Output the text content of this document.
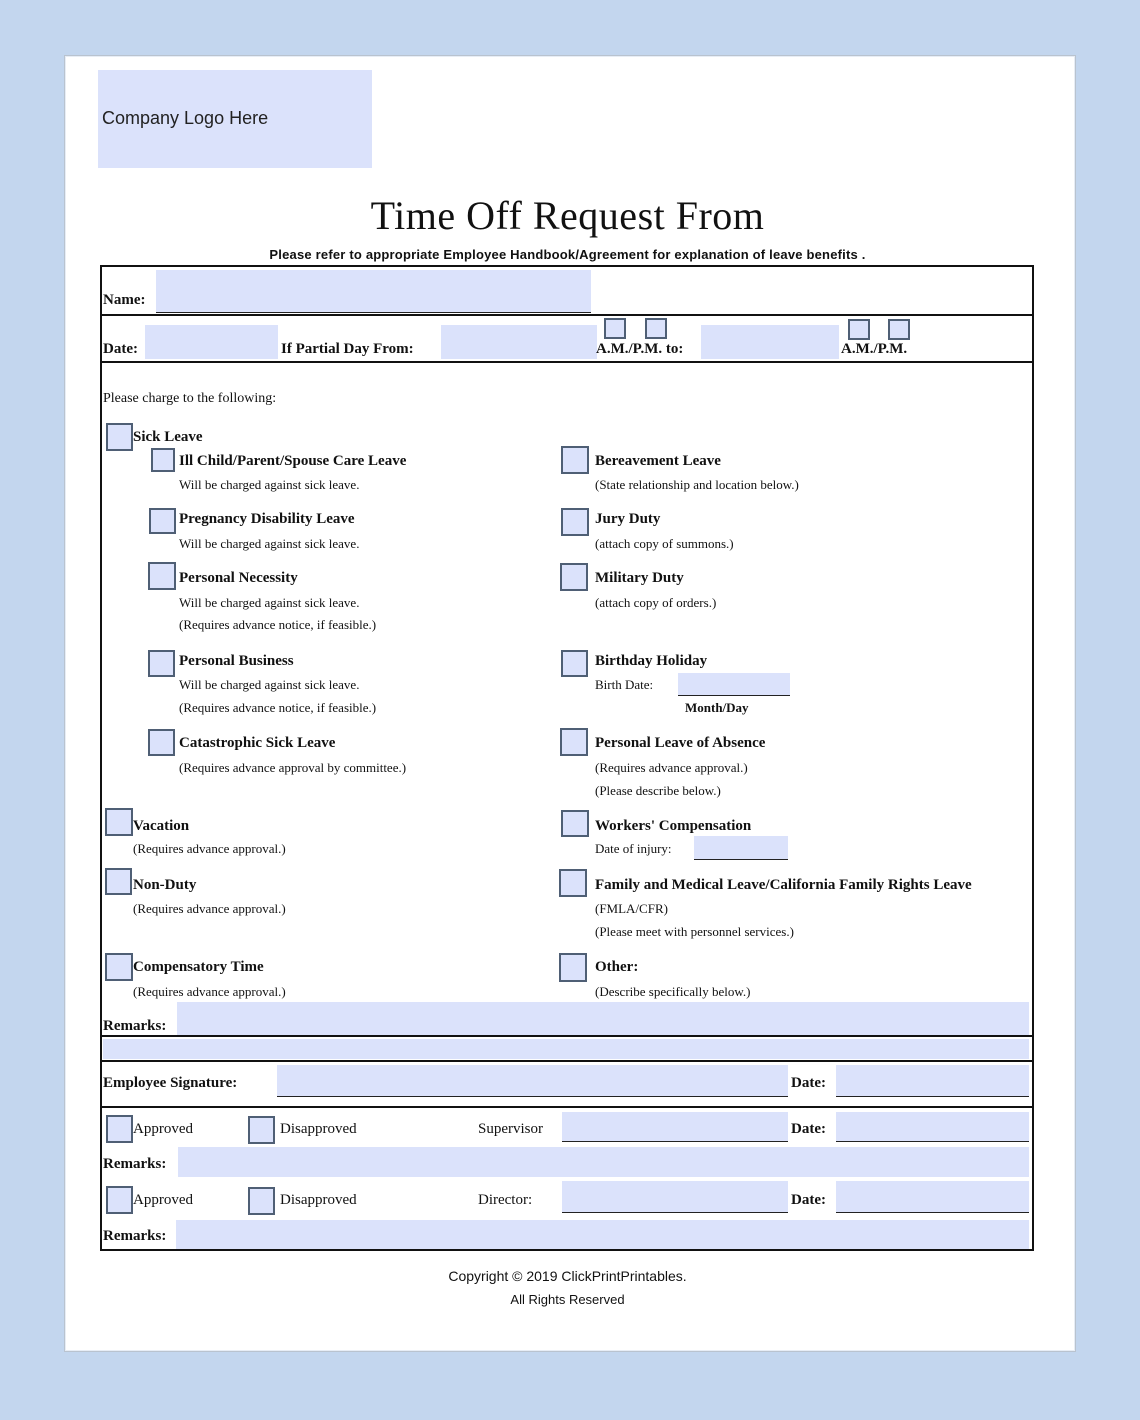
Company Logo Here
Time Off Request From
Please refer to appropriate Employee Handbook/Agreement for explanation of leave benefits .
Name:
Date:	If Partial Day From:	A.M./P.M. to:	A.M./P.M.
Please charge to the following:
Sick Leave
Ill Child/Parent/Spouse Care Leave
Will be charged against sick leave.
Pregnancy Disability Leave
Will be charged against sick leave.
Personal Necessity
Will be charged against sick leave.
(Requires advance notice, if feasible.)
Personal Business
Will be charged against sick leave.
(Requires advance notice, if feasible.)
Catastrophic Sick Leave
(Requires advance approval by committee.)
Vacation
(Requires advance approval.)
Non-Duty
(Requires advance approval.)
Compensatory Time
(Requires advance approval.)
Bereavement Leave
(State relationship and location below.)
Jury Duty
(attach copy of summons.)
Military Duty
(attach copy of orders.)
Birthday Holiday
Birth Date:
Month/Day
Personal Leave of Absence
(Requires advance approval.)
(Please describe below.)
Workers' Compensation
Date of injury:
Family and Medical Leave/California Family Rights Leave
(FMLA/CFR)
(Please meet with personnel services.)
Other:
(Describe specifically below.)
Remarks:
Employee Signature:	Date:
Approved	Disapproved	Supervisor	Date:
Remarks:
Approved	Disapproved	Director:	Date:
Remarks:
Copyright © 2019 ClickPrintPrintables.
All Rights Reserved
